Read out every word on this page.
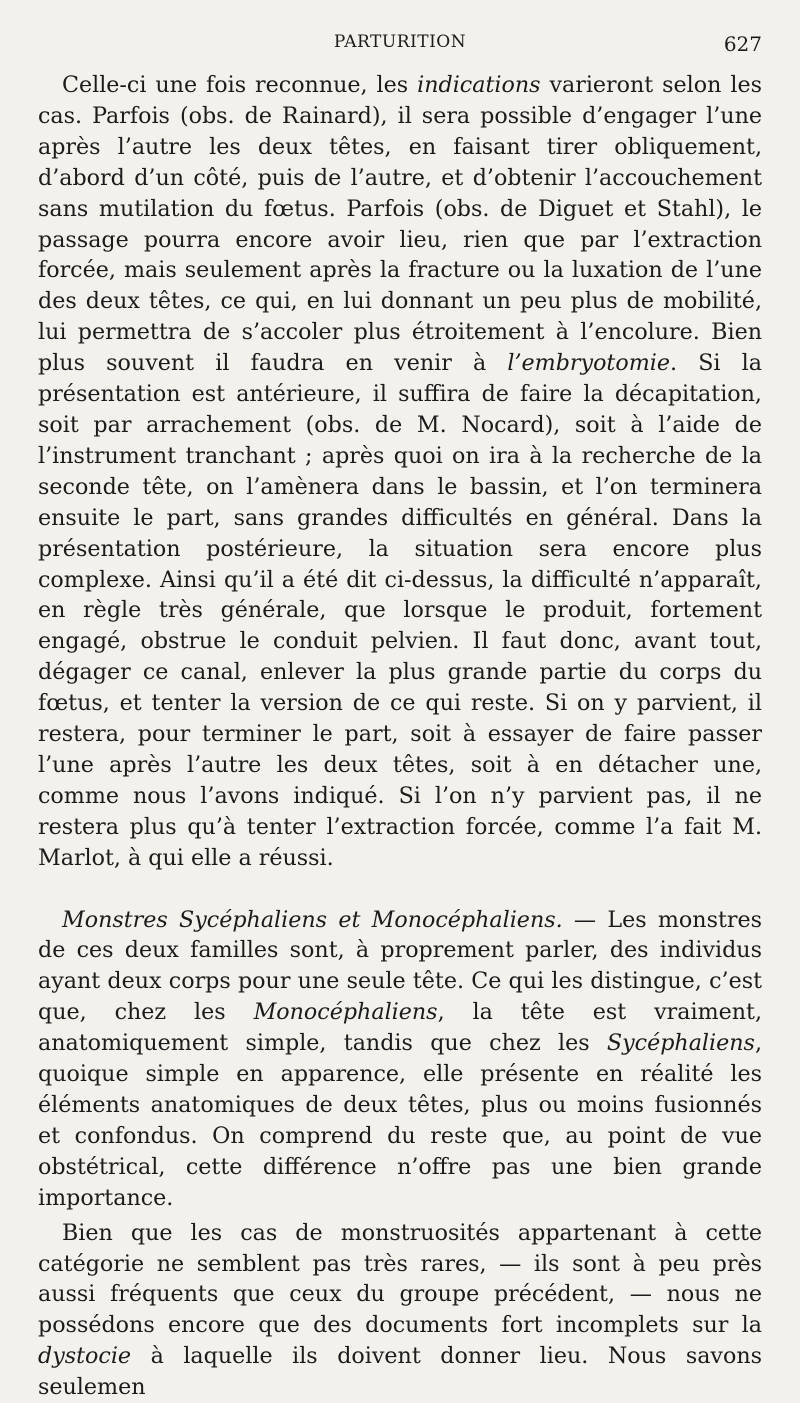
PARTURITION	627

Celle-ci une fois reconnue, les indications varieront selon les cas. Parfois (obs. de Rainard), il sera possible d’engager l’une après l’autre les deux têtes, en faisant tirer obliquement, d’abord d’un côté, puis de l’autre, et d’obtenir l’accouchement sans mutilation du fœtus. Parfois (obs. de Diguet et Stahl), le passage pourra encore avoir lieu, rien que par l’extraction forcée, mais seulement après la fracture ou la luxation de l’une des deux têtes, ce qui, en lui donnant un peu plus de mobilité, lui permettra de s’accoler plus étroitement à l’encolure. Bien plus souvent il faudra en venir à l’embryotomie. Si la présentation est antérieure, il suffira de faire la décapitation, soit par arrachement (obs. de M. Nocard), soit à l’aide de l’instrument tranchant ; après quoi on ira à la recherche de la seconde tête, on l’amènera dans le bassin, et l’on terminera ensuite le part, sans grandes difficultés en général. Dans la présentation postérieure, la situation sera encore plus complexe. Ainsi qu’il a été dit ci-dessus, la difficulté n’apparaît, en règle très générale, que lorsque le produit, fortement engagé, obstrue le conduit pelvien. Il faut donc, avant tout, dégager ce canal, enlever la plus grande partie du corps du fœtus, et tenter la version de ce qui reste. Si on y parvient, il restera, pour terminer le part, soit à essayer de faire passer l’une après l’autre les deux têtes, soit à en détacher une, comme nous l’avons indiqué. Si l’on n’y parvient pas, il ne restera plus qu’à tenter l’extraction forcée, comme l’a fait M. Marlot, à qui elle a réussi.

Monstres Sycéphaliens et Monocéphaliens. — Les monstres de ces deux familles sont, à proprement parler, des individus ayant deux corps pour une seule tête. Ce qui les distingue, c’est que, chez les Monocéphaliens, la tête est vraiment, anatomiquement simple, tandis que chez les Sycéphaliens, quoique simple en apparence, elle présente en réalité les éléments anatomiques de deux têtes, plus ou moins fusionnés et confondus. On comprend du reste que, au point de vue obstétrical, cette différence n’offre pas une bien grande importance.

Bien que les cas de monstruosités appartenant à cette catégorie ne semblent pas très rares, — ils sont à peu près aussi fréquents que ceux du groupe précédent, — nous ne possédons encore que des documents fort incomplets sur la dystocie à laquelle ils doivent donner lieu. Nous savons seulemen
